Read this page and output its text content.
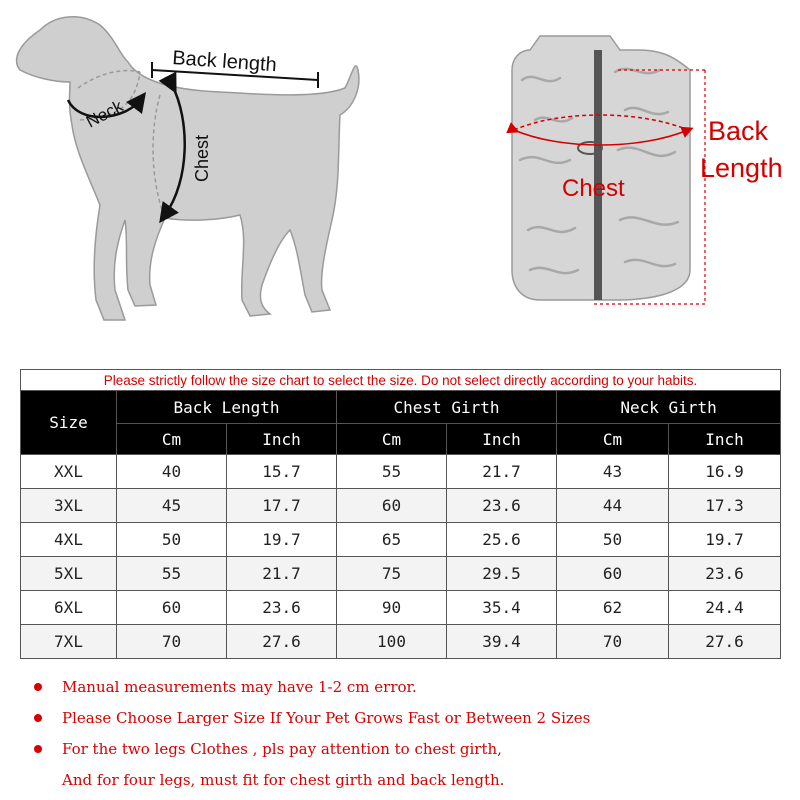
Back length
Neck
Chest
Chest
Back
Length
Please strictly follow the size chart to select the size. Do not select directly according to your habits.						
Size	Back Length		Chest Girth		Neck Girth	
	Cm	Inch	Cm	Inch	Cm	Inch
XXL	40	15.7	55	21.7	43	16.9
3XL	45	17.7	60	23.6	44	17.3
4XL	50	19.7	65	25.6	50	19.7
5XL	55	21.7	75	29.5	60	23.6
6XL	60	23.6	90	35.4	62	24.4
7XL	70	27.6	100	39.4	70	27.6
Manual measurements may have 1-2 cm error.
Please Choose Larger Size If Your Pet Grows Fast or Between 2 Sizes
For the two legs Clothes , pls pay attention to chest girth,
And for four legs, must fit for chest girth and back length.
